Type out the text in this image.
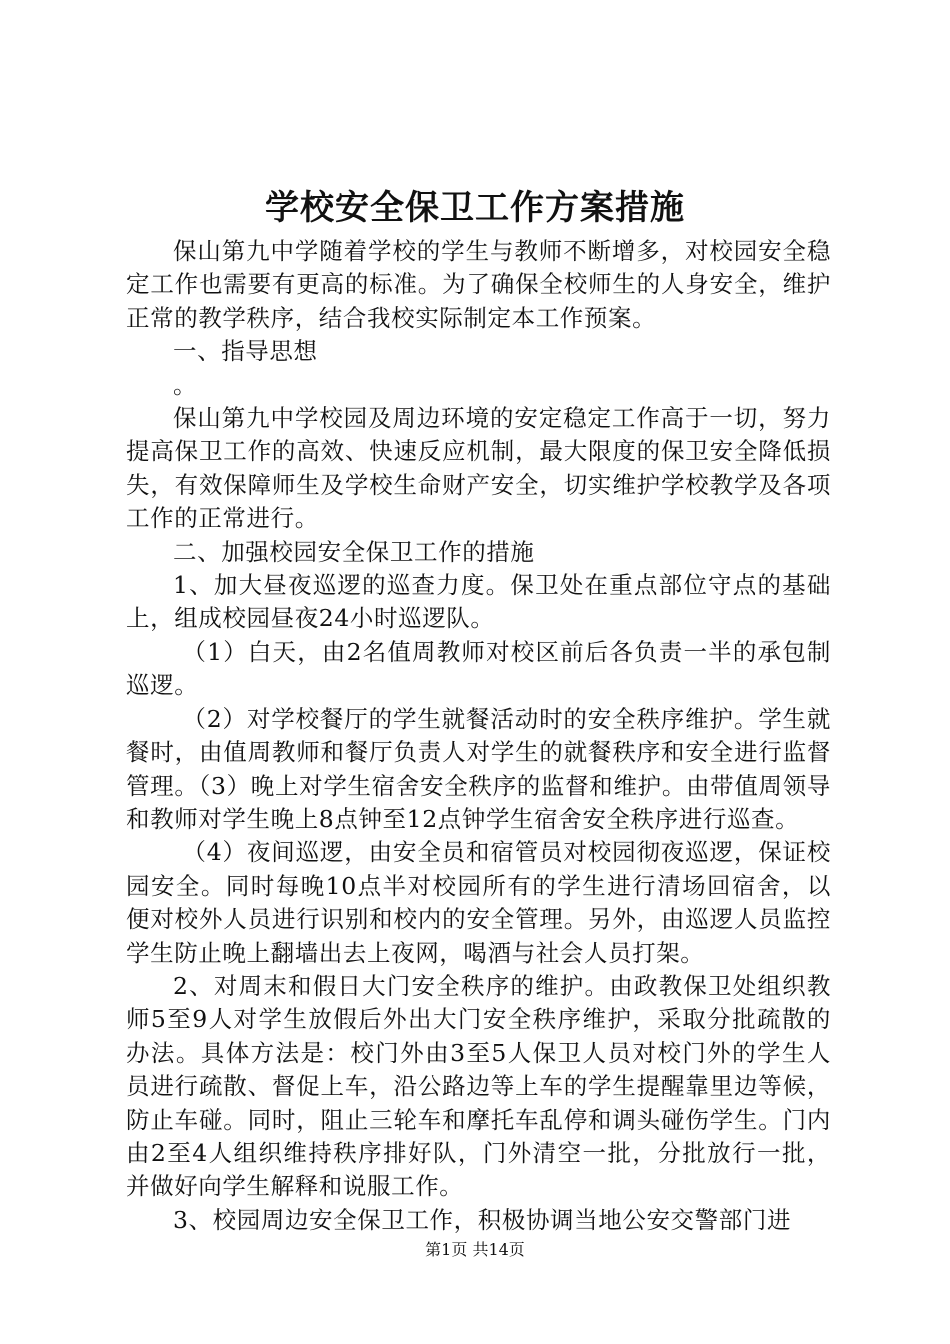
学校安全保卫工作方案措施

保山第九中学随着学校的学生与教师不断增多，对校园安全稳定工作也需要有更高的标准。为了确保全校师生的人身安全，维护正常的教学秩序，结合我校实际制定本工作预案。

一、指导思想

。

保山第九中学校园及周边环境的安定稳定工作高于一切，努力提高保卫工作的高效、快速反应机制，最大限度的保卫安全降低损失，有效保障师生及学校生命财产安全，切实维护学校教学及各项工作的正常进行。

二、加强校园安全保卫工作的措施

1、加大昼夜巡逻的巡查力度。保卫处在重点部位守点的基础上，组成校园昼夜24小时巡逻队。

（1）白天，由2名值周教师对校区前后各负责一半的承包制巡逻。

（2）对学校餐厅的学生就餐活动时的安全秩序维护。学生就餐时，由值周教师和餐厅负责人对学生的就餐秩序和安全进行监督管理。（3）晚上对学生宿舍安全秩序的监督和维护。由带值周领导和教师对学生晚上8点钟至12点钟学生宿舍安全秩序进行巡查。

（4）夜间巡逻，由安全员和宿管员对校园彻夜巡逻，保证校园安全。同时每晚10点半对校园所有的学生进行清场回宿舍，以便对校外人员进行识别和校内的安全管理。另外，由巡逻人员监控学生防止晚上翻墙出去上夜网，喝酒与社会人员打架。

2、对周末和假日大门安全秩序的维护。由政教保卫处组织教师5至9人对学生放假后外出大门安全秩序维护，采取分批疏散的办法。具体方法是：校门外由3至5人保卫人员对校门外的学生人员进行疏散、督促上车，沿公路边等上车的学生提醒靠里边等候，防止车碰。同时，阻止三轮车和摩托车乱停和调头碰伤学生。门内由2至4人组织维持秩序排好队，门外清空一批，分批放行一批，并做好向学生解释和说服工作。

3、校园周边安全保卫工作，积极协调当地公安交警部门进

第1页 共14页
